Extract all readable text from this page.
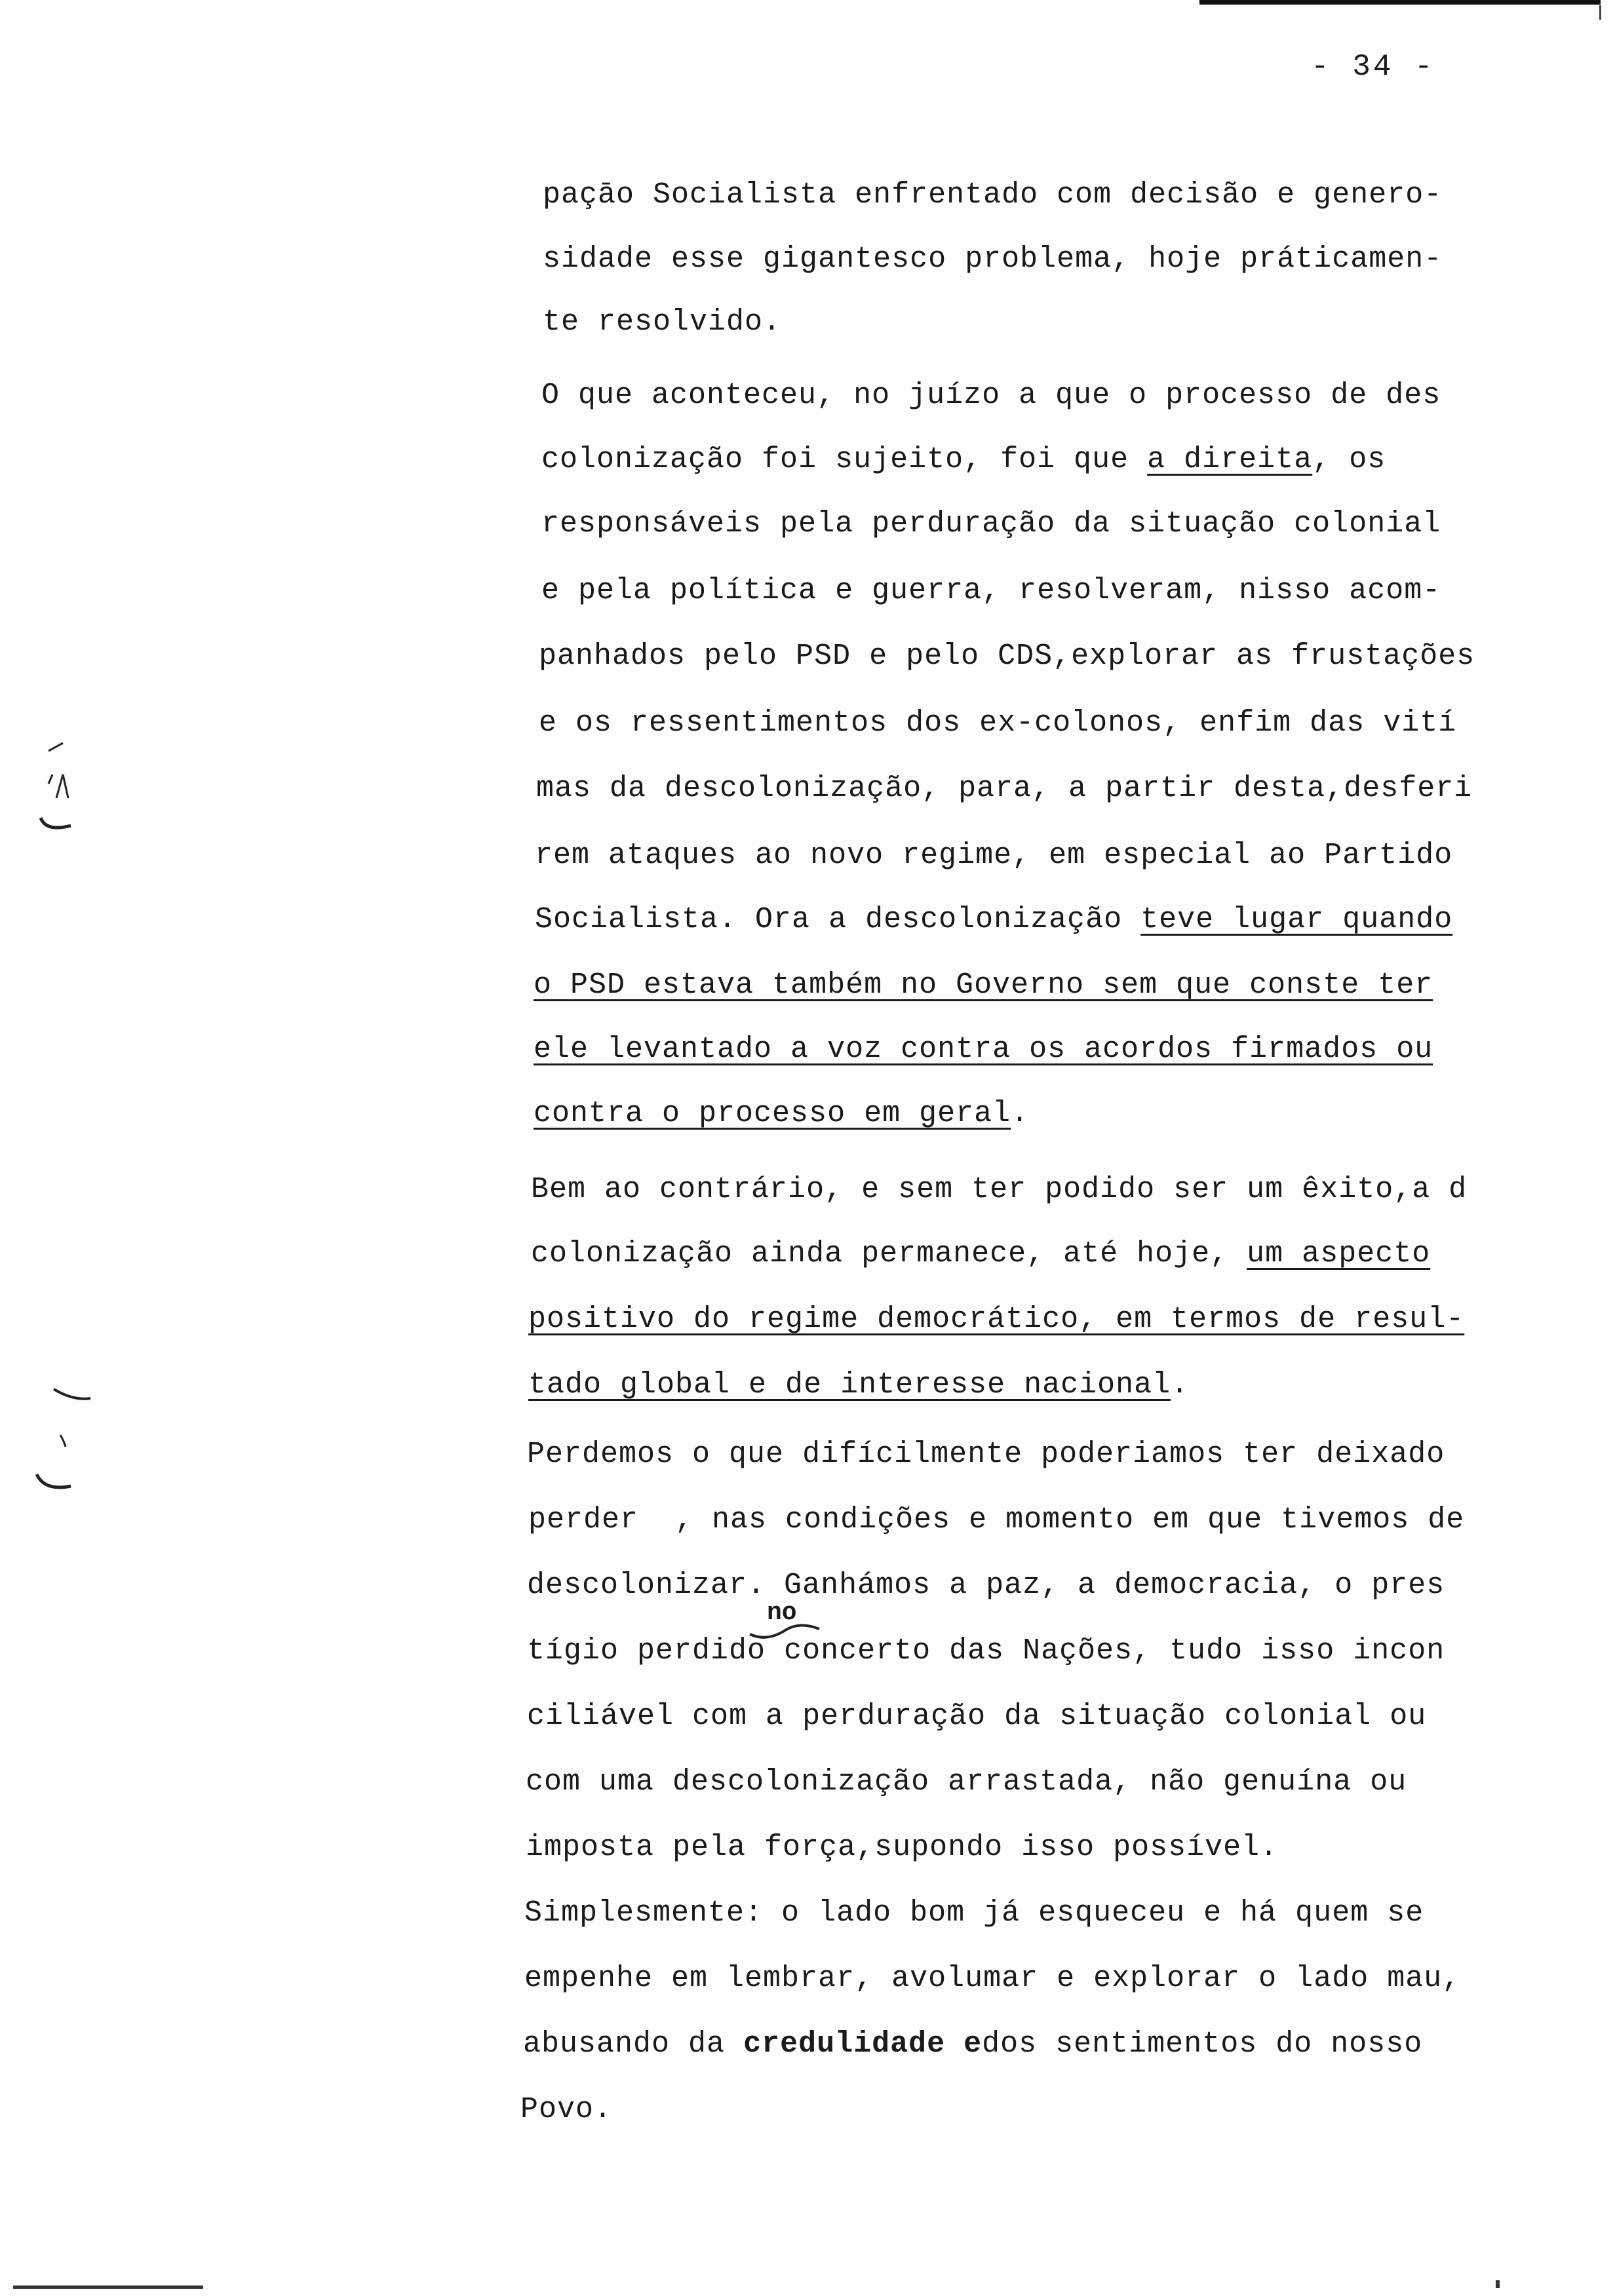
- 34 -
paçāo Socialista enfrentado com decisão e genero-
sidade esse gigantesco problema, hoje práticamen-
te resolvido.
O que aconteceu, no juízo a que o processo de des
colonização foi sujeito, foi que a direita, os
responsáveis pela perduração da situação colonial
e pela política e guerra, resolveram, nisso acom-
panhados pelo PSD e pelo CDS,explorar as frustações
e os ressentimentos dos ex-colonos, enfim das vití
mas da descolonização, para, a partir desta,desferi
rem ataques ao novo regime, em especial ao Partido
Socialista. Ora a descolonização teve lugar quando
o PSD estava também no Governo sem que conste ter
ele levantado a voz contra os acordos firmados ou
contra o processo em geral.
Bem ao contrário, e sem ter podido ser um êxito,a d
colonização ainda permanece, até hoje, um aspecto
positivo do regime democrático, em termos de resul-
tado global e de interesse nacional.
Perdemos o que difícilmente poderiamos ter deixado
perder  , nas condições e momento em que tivemos de
descolonizar. Ganhámos a paz, a democracia, o pres
tígio perdido concerto das Nações, tudo isso incon
ciliável com a perduração da situação colonial ou
com uma descolonização arrastada, não genuína ou
imposta pela força,supondo isso possível.
Simplesmente: o lado bom já esqueceu e há quem se
empenhe em lembrar, avolumar e explorar o lado mau,
abusando da credulidade edos sentimentos do nosso
Povo.
no
